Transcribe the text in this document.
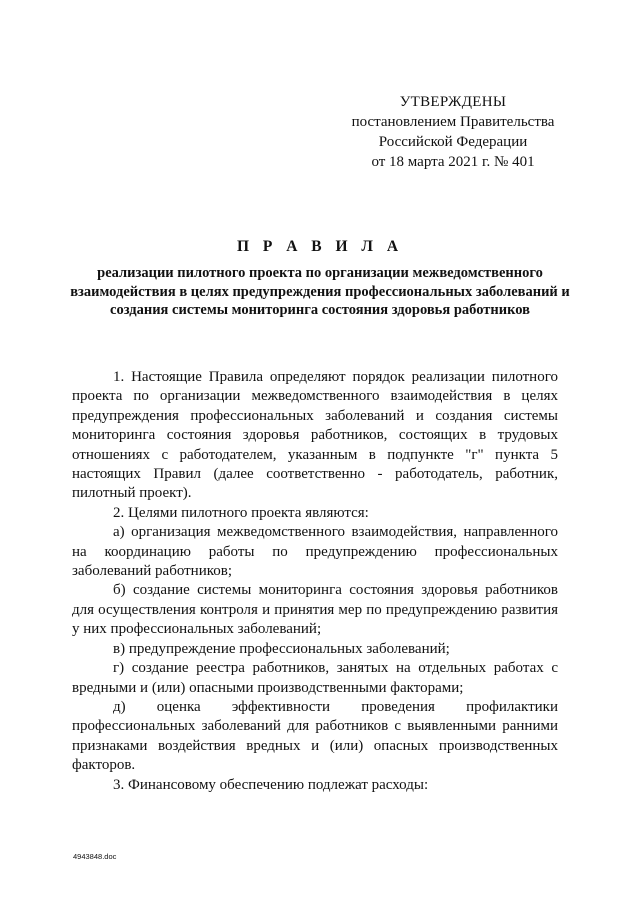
УТВЕРЖДЕНЫ
постановлением Правительства
Российской Федерации
от 18 марта 2021 г. № 401
П Р А В И Л А
реализации пилотного проекта по организации межведомственного взаимодействия в целях предупреждения профессиональных заболеваний и создания системы мониторинга состояния здоровья работников

1. Настоящие Правила определяют порядок реализации пилотного проекта по организации межведомственного взаимодействия в целях предупреждения профессиональных заболеваний и создания системы мониторинга состояния здоровья работников, состоящих в трудовых отношениях с работодателем, указанным в подпункте "г" пункта 5 настоящих Правил (далее соответственно - работодатель, работник, пилотный проект).

2. Целями пилотного проекта являются:

а) организация межведомственного взаимодействия, направленного на координацию работы по предупреждению профессиональных заболеваний работников;

б) создание системы мониторинга состояния здоровья работников для осуществления контроля и принятия мер по предупреждению развития у них профессиональных заболеваний;

в) предупреждение профессиональных заболеваний;

г) создание реестра работников, занятых на отдельных работах с вредными и (или) опасными производственными факторами;

д) оценка эффективности проведения профилактики профессиональных заболеваний для работников с выявленными ранними признаками воздействия вредных и (или) опасных производственных факторов.

3. Финансовому обеспечению подлежат расходы:

4943848.doc
